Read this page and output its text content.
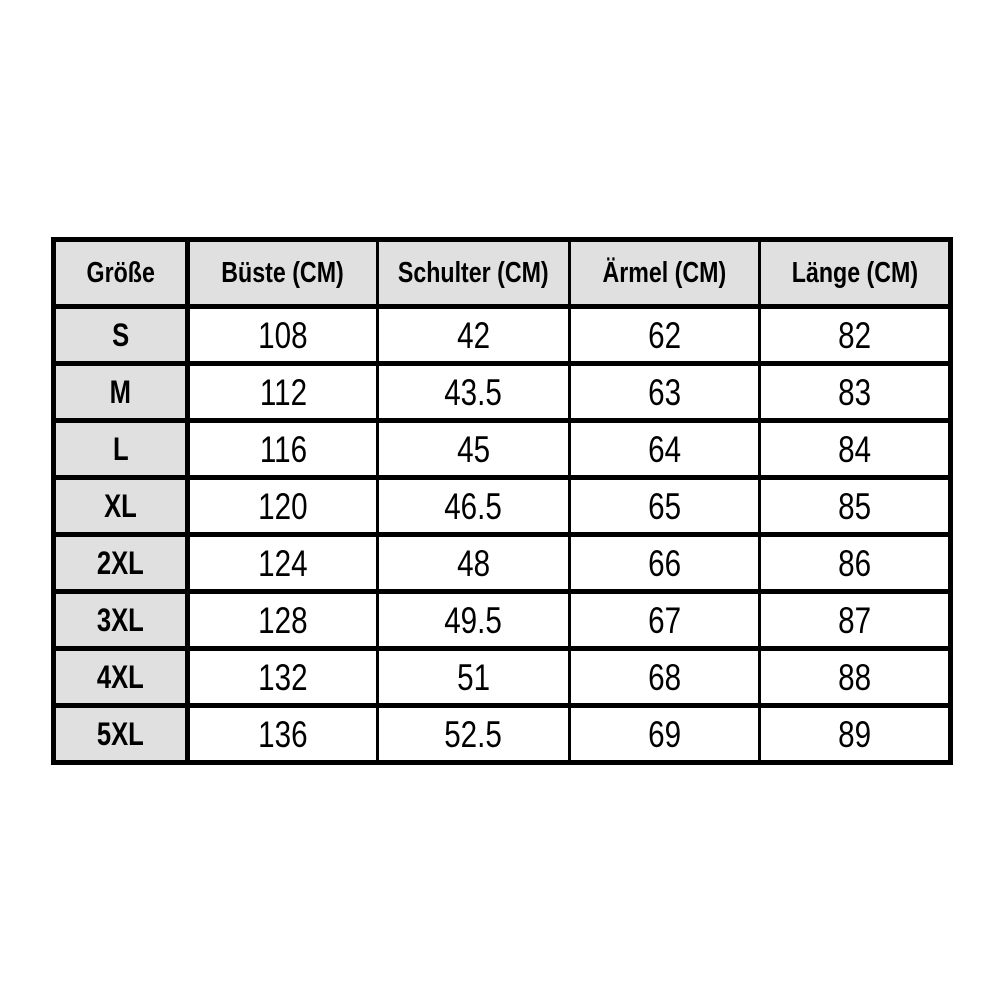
Größe	Büste (CM)	Schulter (CM)	Ärmel (CM)	Länge (CM)
S	108	42	62	82
M	112	43.5	63	83
L	116	45	64	84
XL	120	46.5	65	85
2XL	124	48	66	86
3XL	128	49.5	67	87
4XL	132	51	68	88
5XL	136	52.5	69	89
